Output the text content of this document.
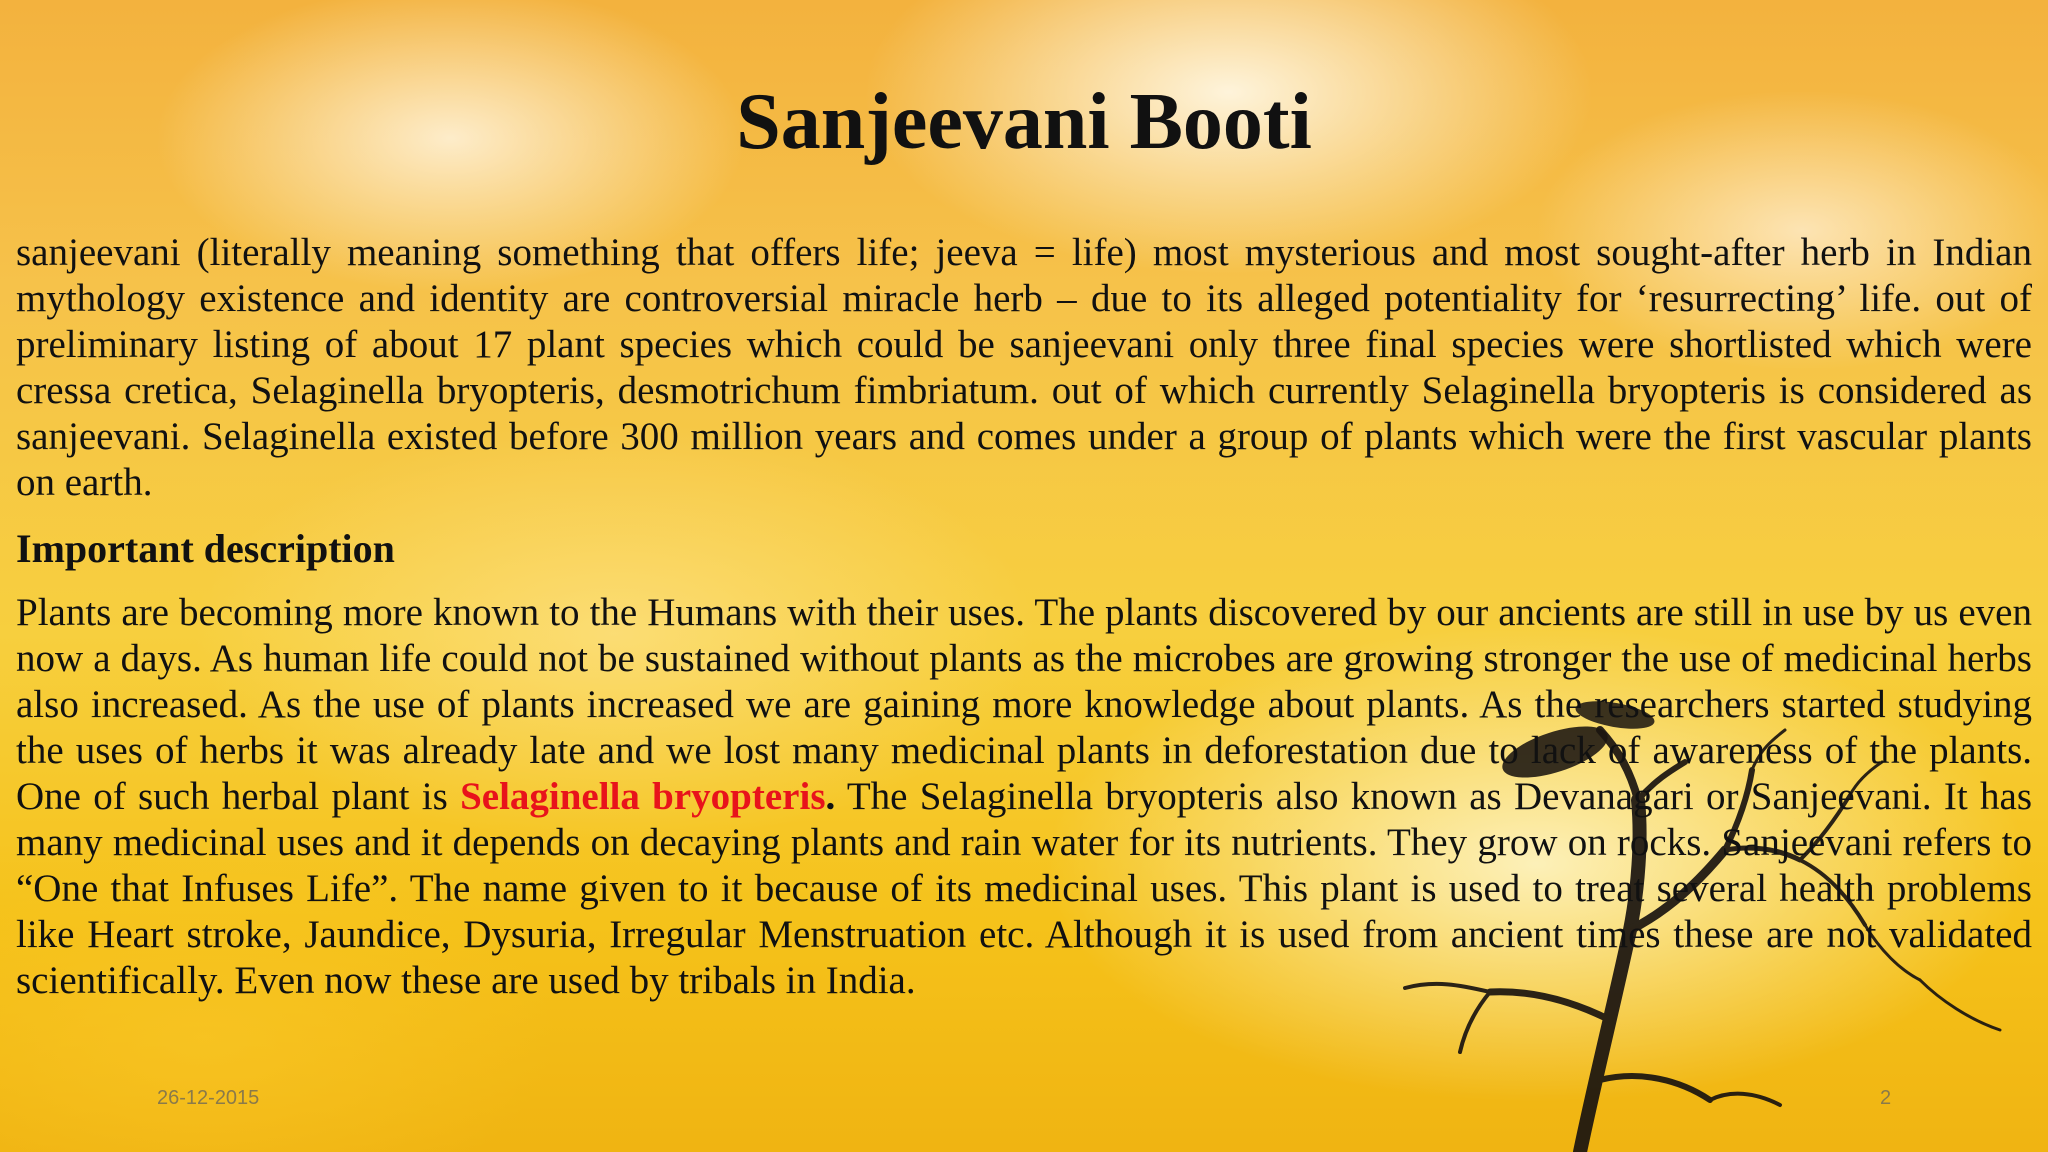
Sanjeevani Booti

sanjeevani (literally meaning something that offers life; jeeva = life) most mysterious and most sought-after herb in Indian mythology existence and identity are controversial miracle herb – due to its alleged potentiality for ‘resurrecting’ life. out of preliminary listing of about 17 plant species which could be sanjeevani only three final species were shortlisted which were cressa cretica, Selaginella bryopteris, desmotrichum fimbriatum. out of which currently Selaginella bryopteris is considered as sanjeevani. Selaginella existed before 300 million years and comes under a group of plants which were the first vascular plants on earth.

Important description

Plants are becoming more known to the Humans with their uses. The plants discovered by our ancients are still in use by us even now a days. As human life could not be sustained without plants as the microbes are growing stronger the use of medicinal herbs also increased. As the use of plants increased we are gaining more knowledge about plants. As the researchers started studying the uses of herbs it was already late and we lost many medicinal plants in deforestation due to lack of awareness of the plants. One of such herbal plant is Selaginella bryopteris. The Selaginella bryopteris also known as Devanagari or Sanjeevani. It has many medicinal uses and it depends on decaying plants and rain water for its nutrients. They grow on rocks. Sanjeevani refers to “One that Infuses Life”. The name given to it because of its medicinal uses. This plant is used to treat several health problems like Heart stroke, Jaundice, Dysuria, Irregular Menstruation etc. Although it is used from ancient times these are not validated scientifically. Even now these are used by tribals in India.

26-12-2015	2
